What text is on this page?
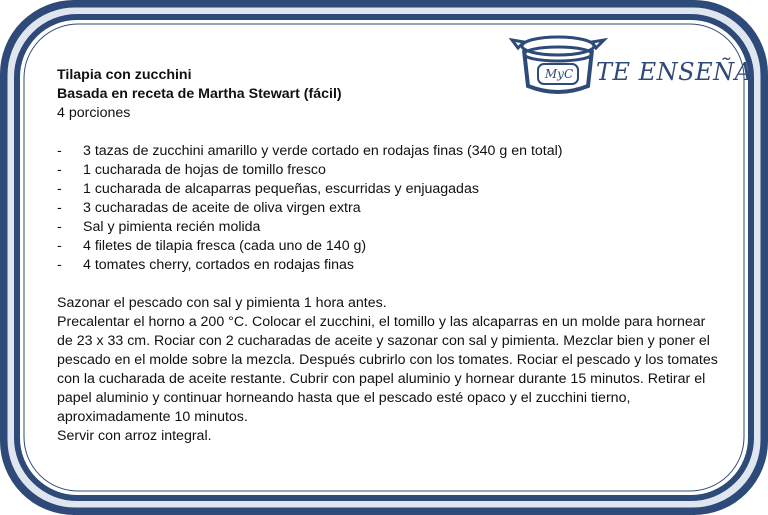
MyC TE ENSEÑA
Tilapia con zucchini
Basada en receta de Martha Stewart (fácil)
4 porciones
- 3 tazas de zucchini amarillo y verde cortado en rodajas finas (340 g en total)
- 1 cucharada de hojas de tomillo fresco
- 1 cucharada de alcaparras pequeñas, escurridas y enjuagadas
- 3 cucharadas de aceite de oliva virgen extra
- Sal y pimienta recién molida
- 4 filetes de tilapia fresca (cada uno de 140 g)
- 4 tomates cherry, cortados en rodajas finas

Sazonar el pescado con sal y pimienta 1 hora antes.

Precalentar el horno a 200 °C. Colocar el zucchini, el tomillo y las alcaparras en un molde para hornear de 23 x 33 cm. Rociar con 2 cucharadas de aceite y sazonar con sal y pimienta. Mezclar bien y poner el pescado en el molde sobre la mezcla. Después cubrirlo con los tomates. Rociar el pescado y los tomates con la cucharada de aceite restante. Cubrir con papel aluminio y hornear durante 15 minutos. Retirar el papel aluminio y continuar horneando hasta que el pescado esté opaco y el zucchini tierno, aproximadamente 10 minutos.

Servir con arroz integral.
